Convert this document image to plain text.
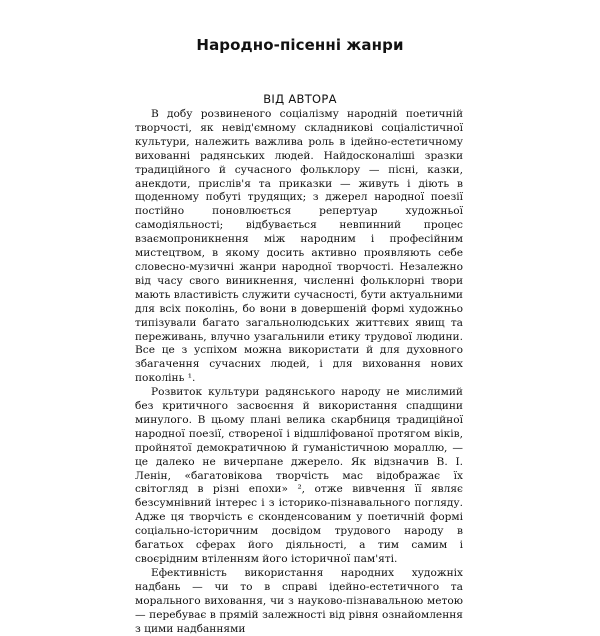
Народно-пісенні жанри
ВІД АВТОРА

В добу розвиненого соціалізму народній поетичній творчості, як невід'ємному складникові соціалістичної культури, належить важлива роль в ідейно-естетичному вихованні радянських людей. Найдосконаліші зразки традиційного й сучасного фольклору — пісні, казки, анекдоти, прислів'я та приказки — живуть і діють в щоденному побуті трудящих; з джерел народної поезії постійно поновлюється репертуар художньої самодіяльності; відбувається невпинний процес взаємопроникнення між народним і професійним мистецтвом, в якому досить активно проявляють себе словесно-музичні жанри народної творчості. Незалежно від часу свого виникнення, численні фольклорні твори мають властивість служити сучасності, бути актуальними для всіх поколінь, бо вони в довершеній формі художньо типізували багато загальнолюдських життєвих явищ та переживань, влучно узагальнили етику трудової людини. Все це з успіхом можна використати й для духовного збагачення сучасних людей, і для виховання нових поколінь ¹.

Розвиток культури радянського народу не мислимий без критичного засвоєння й використання спадщини минулого. В цьому плані велика скарбниця традиційної народної поезії, створеної і відшліфованої протягом віків, пройнятої демократичною й гуманістичною мораллю, — це далеко не вичерпане джерело. Як відзначив В. І. Ленін, «багатовікова творчість мас відображає їх світогляд в різні епохи» ², отже вивчення її являє безсумнівний інтерес і з історико-пізнавального погляду. Адже ця творчість є сконденсованим у поетичній формі соціально-історичним досвідом трудового народу в багатьох сферах його діяльності, а тим самим і своєрідним втіленням його історичної пам'яті.

Ефективність використання народних художніх надбань — чи то в справі ідейно-естетичного та морального виховання, чи з науково-пізнавальною метою — перебуває в прямій залежності від рівня ознайомлення з цими надбаннями
